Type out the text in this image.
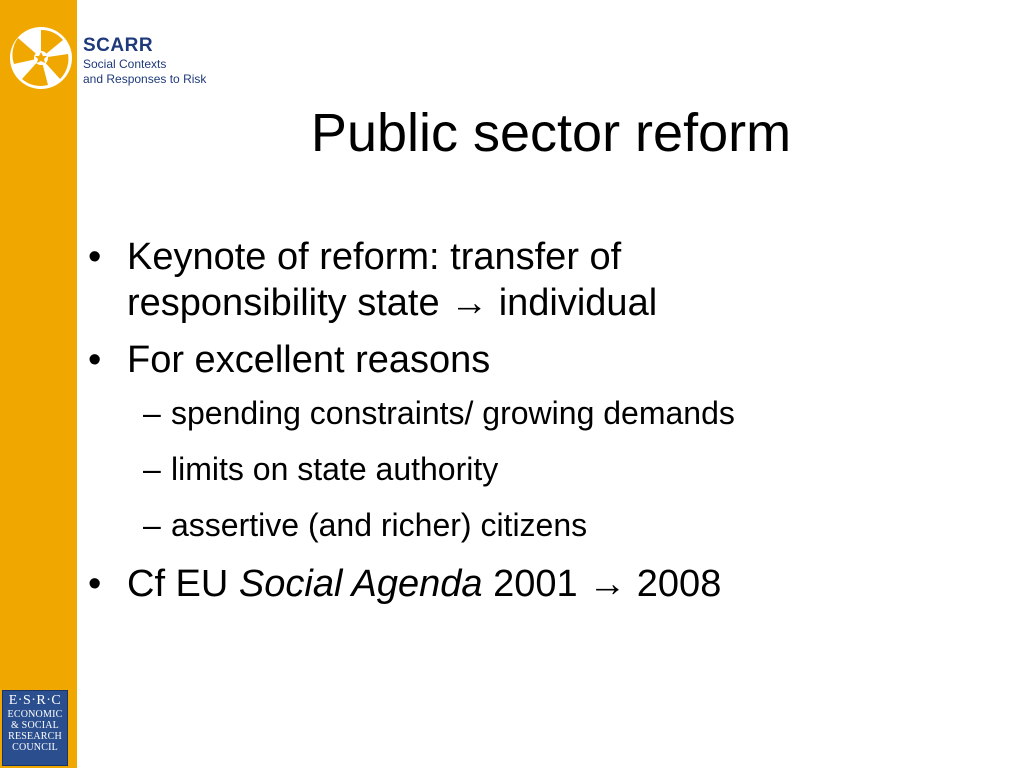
SCARR
Social Contexts
and Responses to Risk
E·S·R·C
ECONOMIC
& SOCIAL
RESEARCH
COUNCIL
Public sector reform
• Keynote of reform: transfer of
responsibility state → individual
• For excellent reasons
– spending constraints/ growing demands
– limits on state authority
– assertive (and richer) citizens
• Cf EU Social Agenda 2001 → 2008
